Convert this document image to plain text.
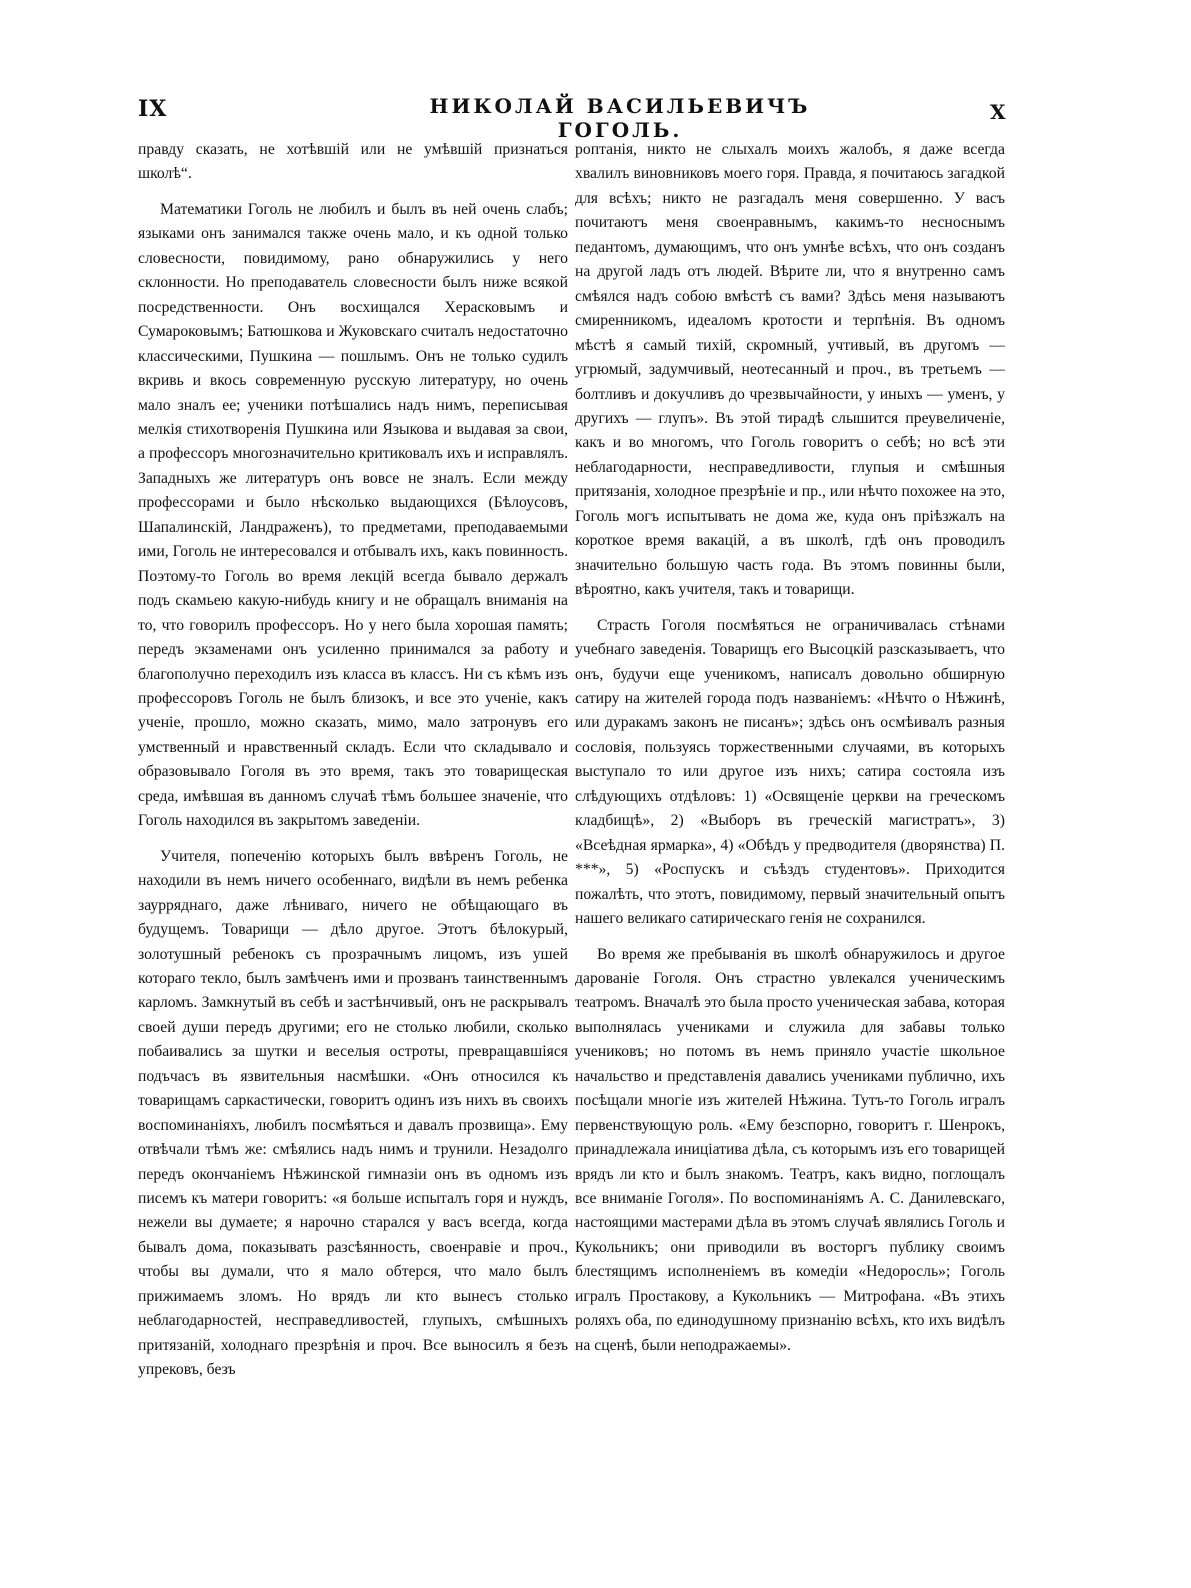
IX	НИКОЛАЙ ВАСИЛЬЕВИЧЪ ГОГОЛЬ.
X

правду сказать, не хотѣвшій или не умѣвшій признаться школѣ“.

Математики Гоголь не любилъ и былъ въ ней очень слабъ; языками онъ занимался также очень мало, и къ одной только словесности, повидимому, рано обнаружились у него склонности. Но преподаватель словесности былъ ниже всякой посредственности. Онъ восхищался Херасковымъ и Сумароковымъ; Батюшкова и Жуковскаго считалъ недостаточно классическими, Пушкина — пошлымъ. Онъ не только судилъ вкривь и вкось современную русскую литературу, но очень мало зналъ ее; ученики потѣшались надъ нимъ, переписывая мелкія стихотворенія Пушкина или Языкова и выдавая за свои, а профессоръ многозначительно критиковалъ ихъ и исправлялъ. Западныхъ же литературъ онъ вовсе не зналъ. Если между профессорами и было нѣсколько выдающихся (Бѣлоусовъ, Шапалинскій, Ландраженъ), то предметами, преподаваемыми ими, Гоголь не интересовался и отбывалъ ихъ, какъ повинность. Поэтому-то Гоголь во время лекцій всегда бывало держалъ подъ скамьею какую-нибудь книгу и не обращалъ вниманія на то, что говорилъ профессоръ. Но у него была хорошая память; передъ экзаменами онъ усиленно принимался за работу и благополучно переходилъ изъ класса въ классъ. Ни съ кѣмъ изъ профессоровъ Гоголь не былъ близокъ, и все это ученіе, какъ ученіе, прошло, можно сказать, мимо, мало затронувъ его умственный и нравственный складъ. Если что складывало и образовывало Гоголя въ это время, такъ это товарищеская среда, имѣвшая въ данномъ случаѣ тѣмъ большее значеніе, что Гоголь находился въ закрытомъ заведеніи.

Учителя, попеченію которыхъ былъ ввѣренъ Гоголь, не находили въ немъ ничего особеннаго, видѣли въ немъ ребенка заурряднаго, даже лѣниваго, ничего не обѣщающаго въ будущемъ. Товарищи — дѣло другое. Этотъ бѣлокурый, золотушный ребенокъ съ прозрачнымъ лицомъ, изъ ушей котораго текло, былъ замѣченъ ими и прозванъ таинственнымъ карломъ. Замкнутый въ себѣ и застѣнчивый, онъ не раскрывалъ своей души передъ другими; его не столько любили, сколько побаивались за шутки и веселыя остроты, превращавшіяся подъчасъ въ язвительныя насмѣшки. «Онъ относился къ товарищамъ саркастически, говоритъ одинъ изъ нихъ въ своихъ воспоминаніяхъ, любилъ посмѣяться и давалъ прозвища». Ему отвѣчали тѣмъ же: смѣялись надъ нимъ и трунили. Незадолго передъ окончаніемъ Нѣжинской гимназіи онъ въ одномъ изъ писемъ къ матери говоритъ: «я больше испыталъ горя и нуждъ, нежели вы думаете; я нарочно старался у васъ всегда, когда бывалъ дома, показывать разсѣянность, своенравіе и проч., чтобы вы думали, что я мало обтерся, что мало былъ прижимаемъ зломъ. Но врядъ ли кто вынесъ столько неблагодарностей, несправедливостей, глупыхъ, смѣшныхъ притязаній, холоднаго презрѣнія и проч. Все выносилъ я безъ упрековъ, безъ

роптанія, никто не слыхалъ моихъ жалобъ, я даже всегда хвалилъ виновниковъ моего горя. Правда, я почитаюсь загадкой для всѣхъ; никто не разгадалъ меня совершенно. У васъ почитаютъ меня своенравнымъ, какимъ-то несноснымъ педантомъ, думающимъ, что онъ умнѣе всѣхъ, что онъ созданъ на другой ладъ отъ людей. Вѣрите ли, что я внутренно самъ смѣялся надъ собою вмѣстѣ съ вами? Здѣсь меня называютъ смиренникомъ, идеаломъ кротости и терпѣнія. Въ одномъ мѣстѣ я самый тихій, скромный, учтивый, въ другомъ — угрюмый, задумчивый, неотесанный и проч., въ третьемъ — болтливъ и докучливъ до чрезвычайности, у иныхъ — уменъ, у другихъ — глупъ». Въ этой тирадѣ слышится преувеличеніе, какъ и во многомъ, что Гоголь говоритъ о себѣ; но всѣ эти неблагодарности, несправедливости, глупыя и смѣшныя притязанія, холодное презрѣніе и пр., или нѣчто похожее на это, Гоголь могъ испытывать не дома же, куда онъ пріѣзжалъ на короткое время вакацій, а въ школѣ, гдѣ онъ проводилъ значительно большую часть года. Въ этомъ повинны были, вѣроятно, какъ учителя, такъ и товарищи.

Страсть Гоголя посмѣяться не ограничивалась стѣнами учебнаго заведенія. Товарищъ его Высоцкій разсказываетъ, что онъ, будучи еще ученикомъ, написалъ довольно обширную сатиру на жителей города подъ названіемъ: «Нѣчто о Нѣжинѣ, или дуракамъ законъ не писанъ»; здѣсь онъ осмѣивалъ разныя сословія, пользуясь торжественными случаями, въ которыхъ выступало то или другое изъ нихъ; сатира состояла изъ слѣдующихъ отдѣловъ: 1) «Освященіе церкви на греческомъ кладбищѣ», 2) «Выборъ въ греческій магистратъ», 3) «Всеѣдная ярмарка», 4) «Обѣдъ у предводителя (дворянства) П. ***», 5) «Роспускъ и съѣздъ студентовъ». Приходится пожалѣть, что этотъ, повидимому, первый значительный опытъ нашего великаго сатирическаго генія не сохранился.

Во время же пребыванія въ школѣ обнаружилось и другое дарованіе Гоголя. Онъ страстно увлекался ученическимъ театромъ. Вначалѣ это была просто ученическая забава, которая выполнялась учениками и служила для забавы только учениковъ; но потомъ въ немъ приняло участіе школьное начальство и представленія давались учениками публично, ихъ посѣщали многіе изъ жителей Нѣжина. Тутъ-то Гоголь игралъ первенствующую роль. «Ему безспорно, говоритъ г. Шенрокъ, принадлежала иниціатива дѣла, съ которымъ изъ его товарищей врядъ ли кто и былъ знакомъ. Театръ, какъ видно, поглощалъ все вниманіе Гоголя». По воспоминаніямъ А. С. Данилевскаго, настоящими мастерами дѣла въ этомъ случаѣ являлись Гоголь и Кукольникъ; они приводили въ восторгъ публику своимъ блестящимъ исполненіемъ въ комедіи «Недоросль»; Гоголь игралъ Простакову, а Кукольникъ — Митрофана. «Въ этихъ роляхъ оба, по единодушному признанію всѣхъ, кто ихъ видѣлъ на сценѣ, были неподражаемы».
